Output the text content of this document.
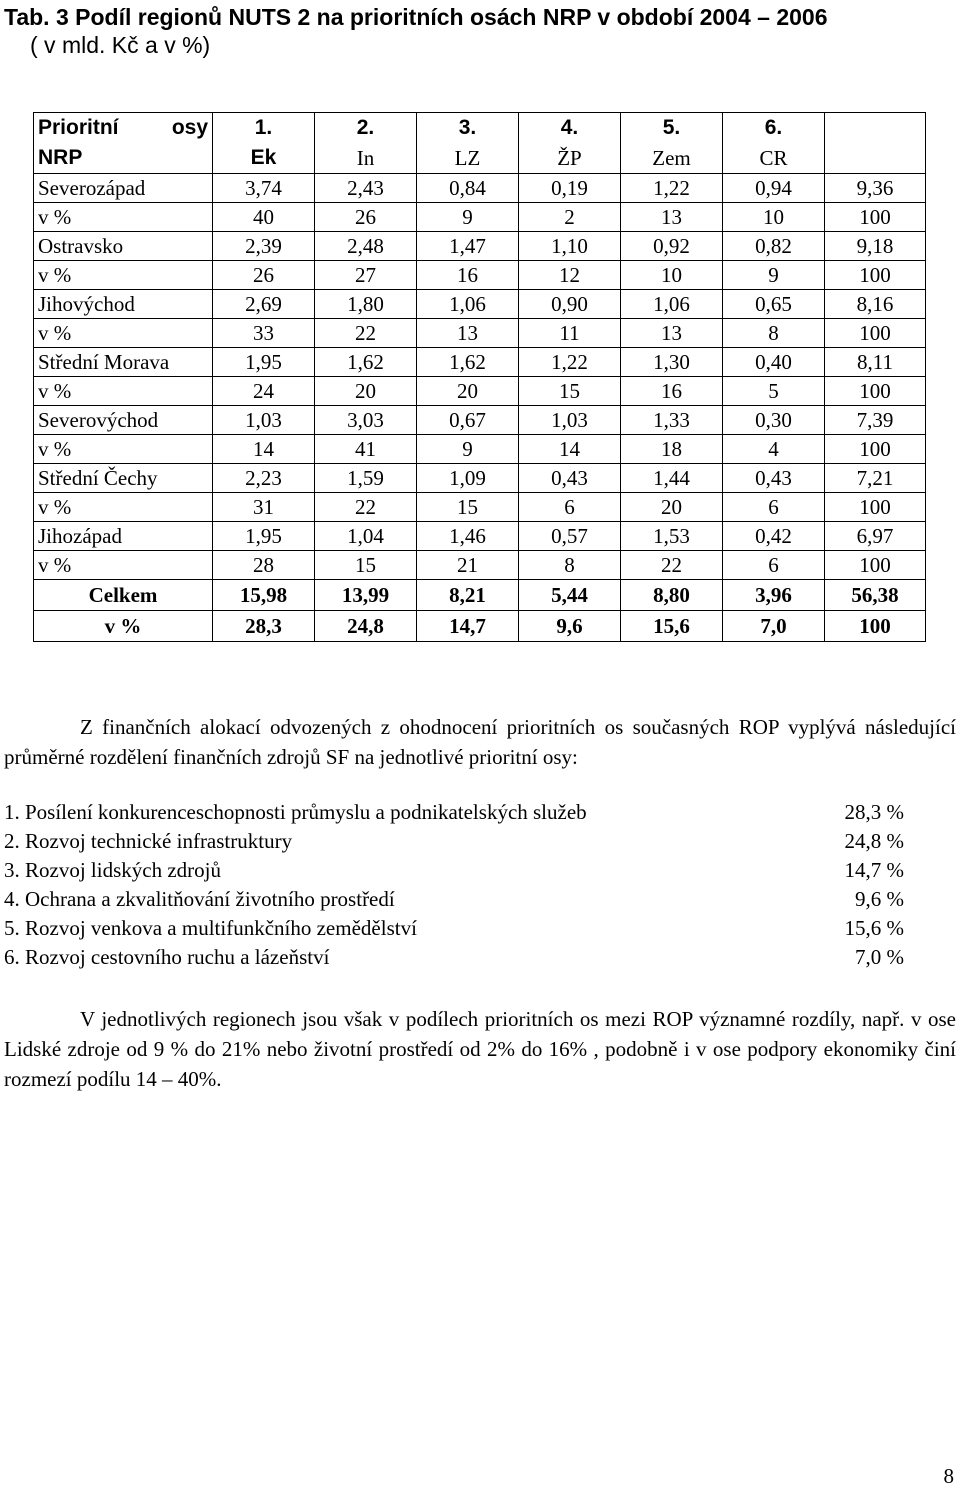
Tab. 3 Podíl regionů NUTS 2 na prioritních osách NRP v období 2004 – 2006
( v mld. Kč a v %)
Prioritní osy	1.	2.	3.	4.	5.	6.	
NRP	Ek	In	LZ	ŽP	Zem	CR	
Severozápad	3,74	2,43	0,84	0,19	1,22	0,94	9,36
v %	40	26	9	2	13	10	100
Ostravsko	2,39	2,48	1,47	1,10	0,92	0,82	9,18
v %	26	27	16	12	10	9	100
Jihovýchod	2,69	1,80	1,06	0,90	1,06	0,65	8,16
v %	33	22	13	11	13	8	100
Střední Morava	1,95	1,62	1,62	1,22	1,30	0,40	8,11
v %	24	20	20	15	16	5	100
Severovýchod	1,03	3,03	0,67	1,03	1,33	0,30	7,39
v %	14	41	9	14	18	4	100
Střední Čechy	2,23	1,59	1,09	0,43	1,44	0,43	7,21
v %	31	22	15	6	20	6	100
Jihozápad	1,95	1,04	1,46	0,57	1,53	0,42	6,97
v %	28	15	21	8	22	6	100
Celkem	15,98	13,99	8,21	5,44	8,80	3,96	56,38
v %	28,3	24,8	14,7	9,6	15,6	7,0	100
Z finančních alokací odvozených z ohodnocení prioritních os současných ROP vyplývá následující průměrné rozdělení finančních zdrojů SF na jednotlivé prioritní osy:
1. Posílení konkurenceschopnosti průmyslu a podnikatelských služeb	28,3 %
2. Rozvoj technické infrastruktury	24,8 %
3. Rozvoj lidských zdrojů	14,7 %
4. Ochrana a zkvalitňování životního prostředí	9,6 %
5. Rozvoj venkova a multifunkčního zemědělství	15,6 %
6. Rozvoj cestovního ruchu a lázeňství	7,0 %
V jednotlivých regionech jsou však v podílech prioritních os mezi ROP významné rozdíly, např. v ose Lidské zdroje od 9 % do 21% nebo životní prostředí od 2% do 16% , podobně i v ose podpory ekonomiky činí rozmezí podílu 14 – 40%.
8
